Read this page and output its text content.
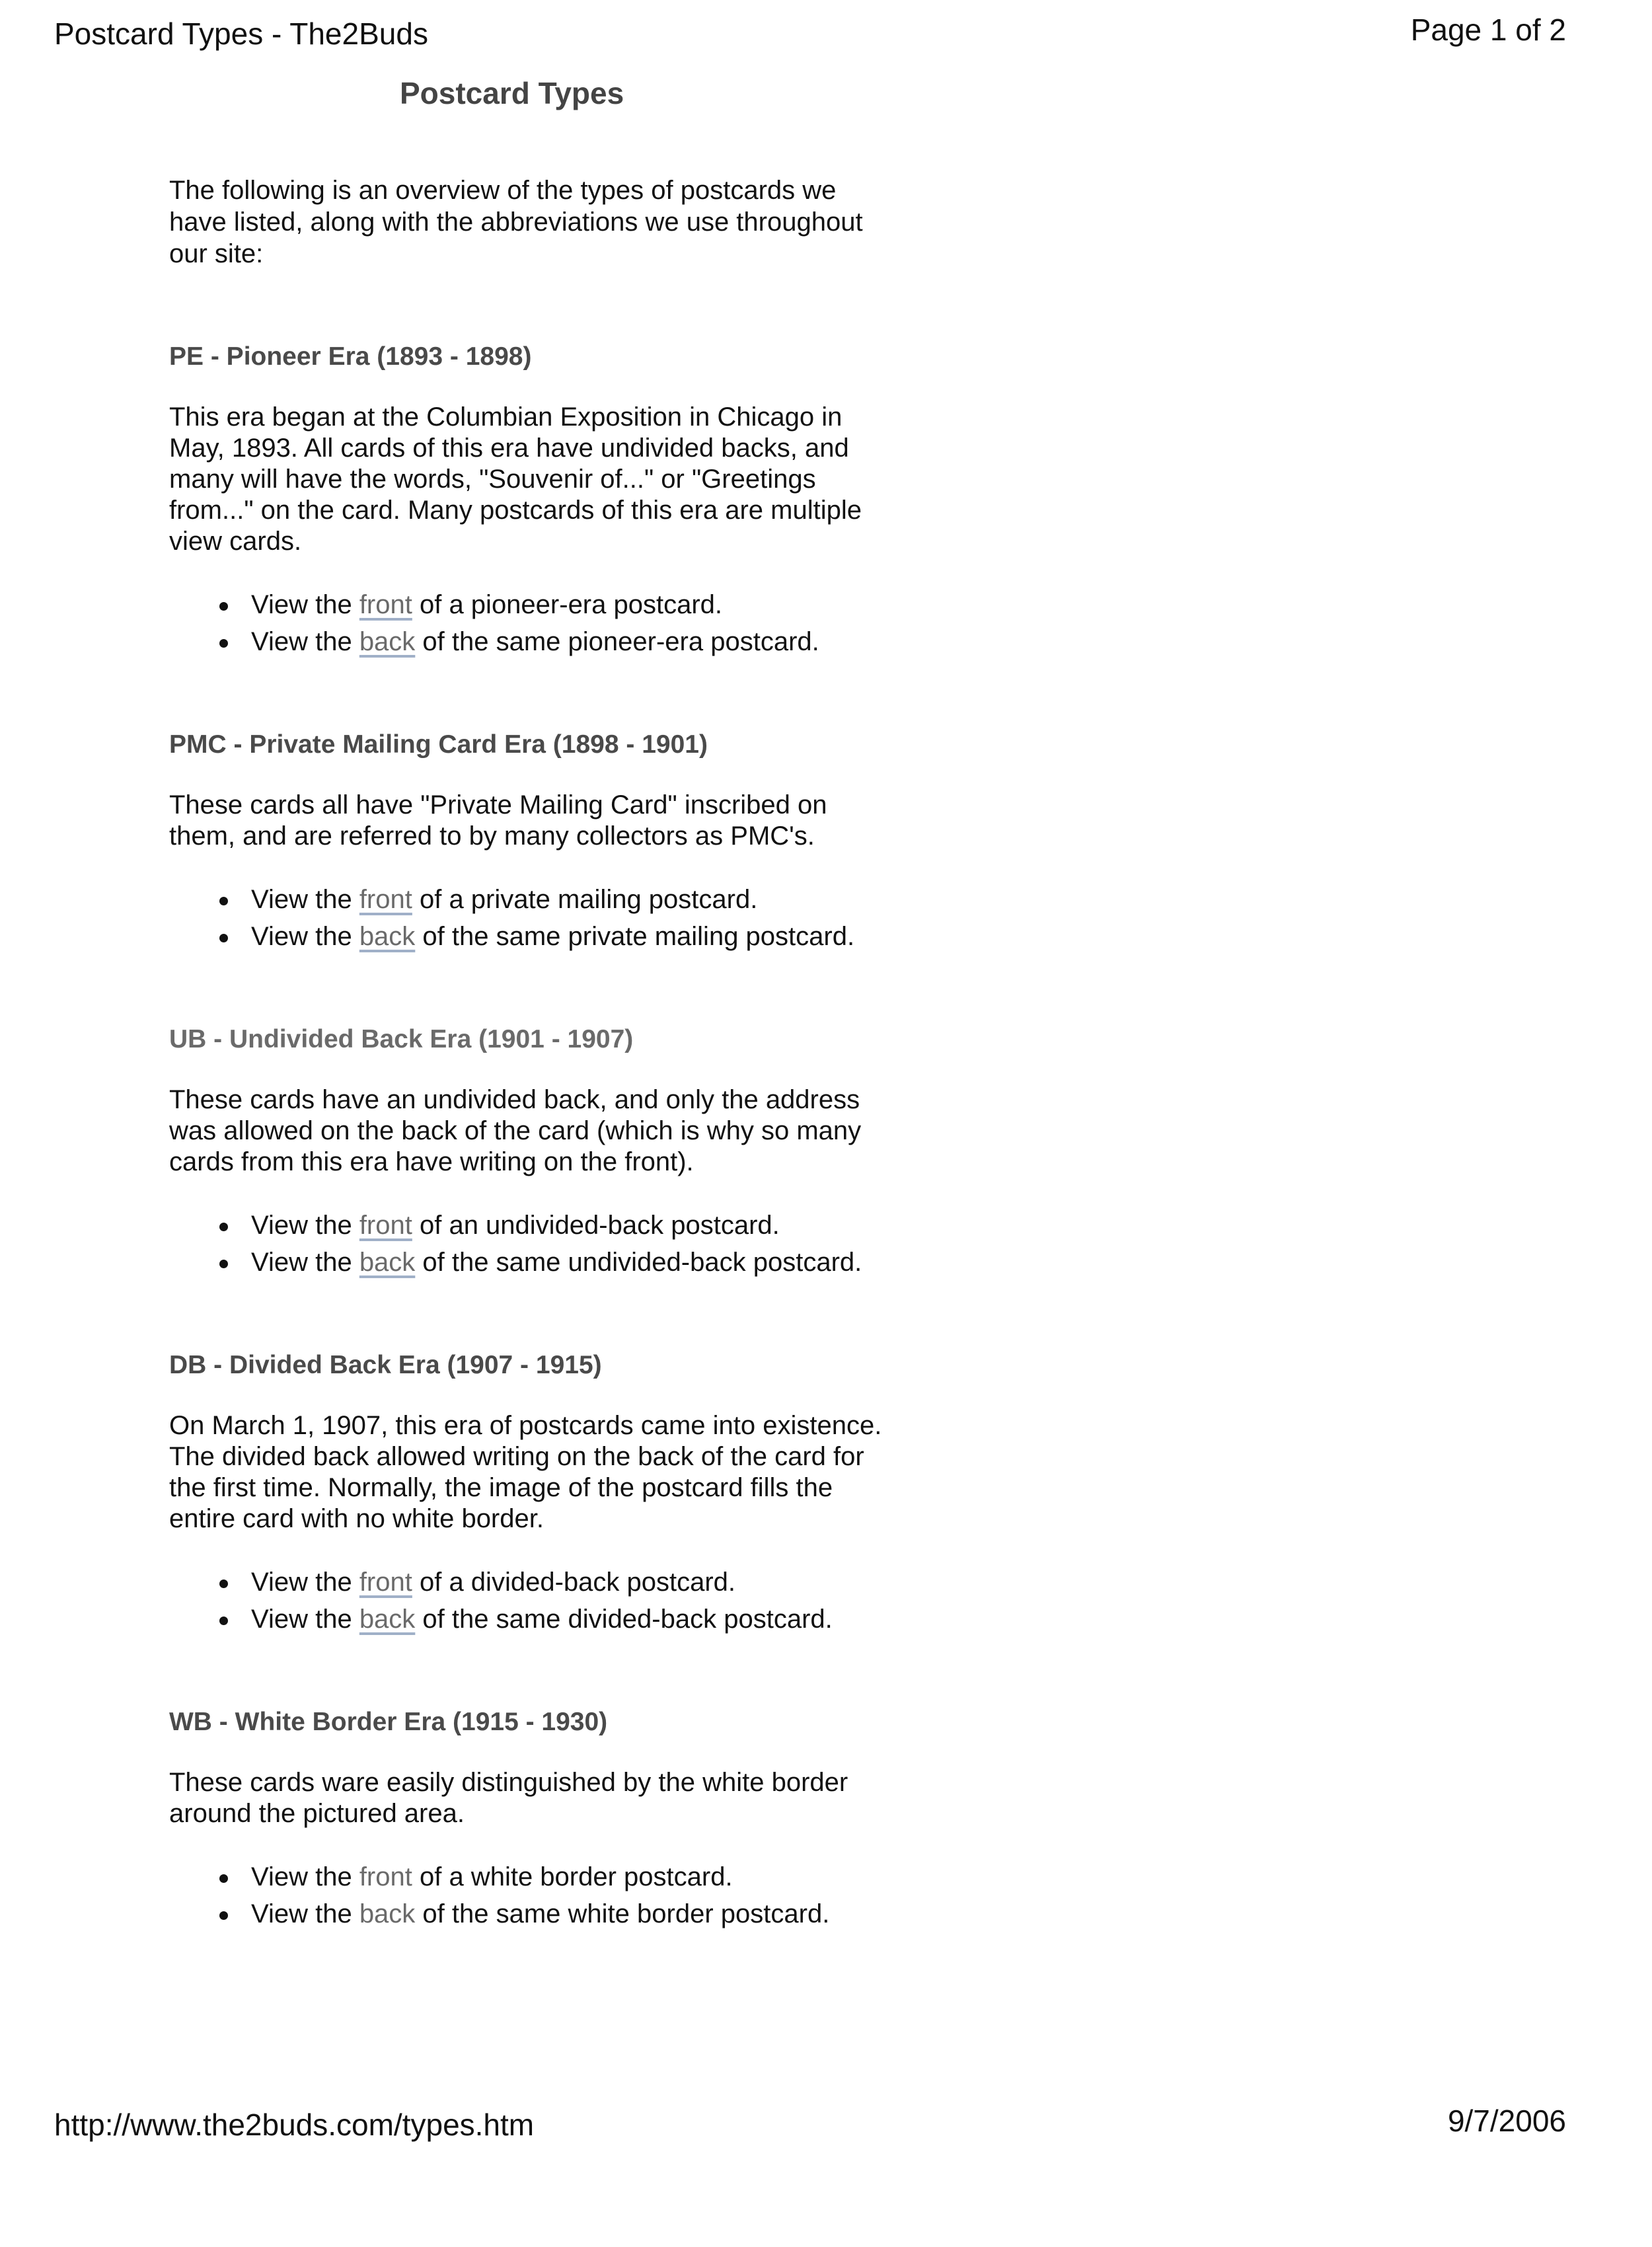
Postcard Types - The2Buds	Page 1 of 2
Postcard Types

The following is an overview of the types of postcards we have listed, along with the abbreviations we use throughout our site:

PE - Pioneer Era (1893 - 1898)

This era began at the Columbian Exposition in Chicago in May, 1893. All cards of this era have undivided backs, and many will have the words, "Souvenir of..." or "Greetings from..." on the card. Many postcards of this era are multiple view cards.

View the front of a pioneer-era postcard.
View the back of the same pioneer-era postcard.
PMC - Private Mailing Card Era (1898 - 1901)

These cards all have "Private Mailing Card" inscribed on them, and are referred to by many collectors as PMC's.

View the front of a private mailing postcard.
View the back of the same private mailing postcard.
UB - Undivided Back Era (1901 - 1907)

These cards have an undivided back, and only the address was allowed on the back of the card (which is why so many cards from this era have writing on the front).

View the front of an undivided-back postcard.
View the back of the same undivided-back postcard.
DB - Divided Back Era (1907 - 1915)

On March 1, 1907, this era of postcards came into existence. The divided back allowed writing on the back of the card for the first time. Normally, the image of the postcard fills the entire card with no white border.

View the front of a divided-back postcard.
View the back of the same divided-back postcard.
WB - White Border Era (1915 - 1930)

These cards ware easily distinguished by the white border around the pictured area.

View the front of a white border postcard.
View the back of the same white border postcard.
http://www.the2buds.com/types.htm	9/7/2006
